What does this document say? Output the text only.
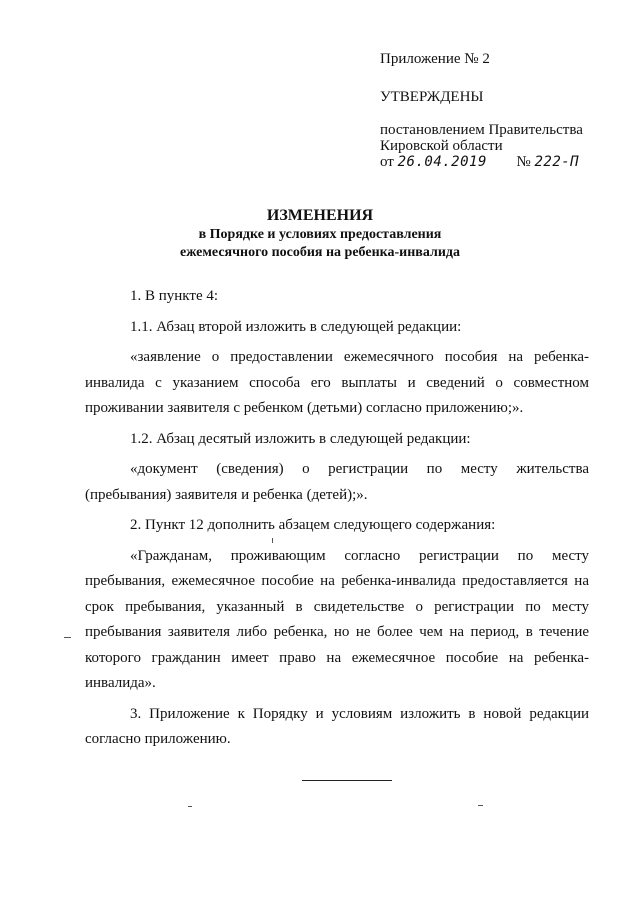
Приложение № 2
УТВЕРЖДЕНЫ
постановлением Правительства
Кировской области
от 26.04.2019 № 222-П
ИЗМЕНЕНИЯ
в Порядке и условиях предоставления
ежемесячного пособия на ребенка-инвалида

1. В пункте 4:

1.1. Абзац второй изложить в следующей редакции:

«заявление о предоставлении ежемесячного пособия на ребенка-инвалида с указанием способа его выплаты и сведений о совместном проживании заявителя с ребенком (детьми) согласно приложению;».

1.2. Абзац десятый изложить в следующей редакции:

«документ (сведения) о регистрации по месту жительства (пребывания) заявителя и ребенка (детей);».

2. Пункт 12 дополнить абзацем следующего содержания:

«Гражданам, проживающим согласно регистрации по месту пребывания, ежемесячное пособие на ребенка-инвалида предоставляется на срок пребывания, указанный в свидетельстве о регистрации по месту пребывания заявителя либо ребенка, но не более чем на период, в течение которого гражданин имеет право на ежемесячное пособие на ребенка-инвалида».

3. Приложение к Порядку и условиям изложить в новой редакции согласно приложению.
